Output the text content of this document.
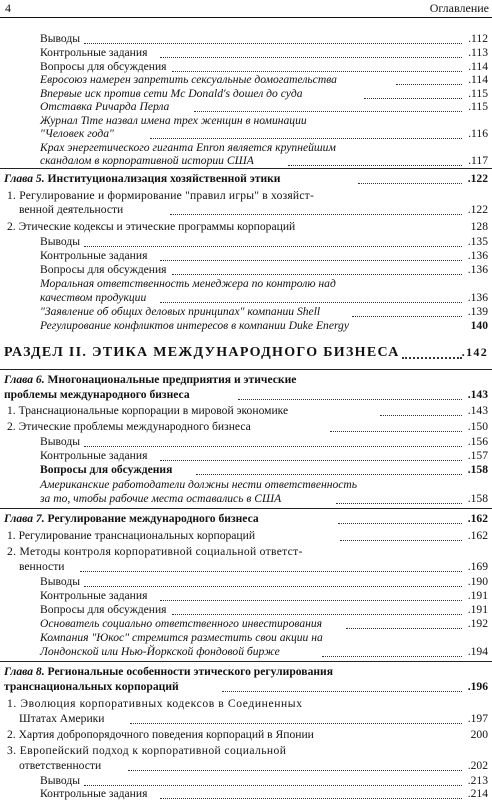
4	Оглавление
Выводы	.112
Контрольные задания	.113
Вопросы для обсуждения	.114
Евросоюз намерен запретить сексуальные домогательства	.114
Впервые иск против сети Mc Donald's дошел до суда	.115
Отставка Ричарда Перла	.115
Журнал Time назвал имена трех женщин в номинации
"Человек года"	.116
Крах энергетического гиганта Enron является крупнейшим
скандалом в корпоративной истории США	.117
Глава 5. Институционализация хозяйственной этики	.122
1. Регулирование и формирование "правил игры" в хозяйст-
венной деятельности	.122
2. Этические кодексы и этические программы корпораций	128
Выводы	.135
Контрольные задания	.136
Вопросы для обсуждения	.136
Моральная ответственность менеджера по контролю над
качеством продукции	.136
"Заявление об общих деловых принципах" компании Shell	.139
Регулирование конфликтов интересов в компании Duke Energy	140
РАЗДЕЛ II. ЭТИКА МЕЖДУНАРОДНОГО БИЗНЕСА	.142
Глава 6. Многонациональные предприятия и этические
проблемы международного бизнеса	.143
1. Транснациональные корпорации в мировой экономике	.143
2. Этические проблемы международного бизнеса	.150
Выводы	.156
Контрольные задания	.157
Вопросы для обсуждения	.158
Американские работодатели должны нести ответственность
за то, чтобы рабочие места оставались в США	.158
Глава 7. Регулирование международного бизнеса	.162
1. Регулирование транснациональных корпораций	.162
2. Методы контроля корпоративной социальной ответст-
венности	.169
Выводы	.190
Контрольные задания	.191
Вопросы для обсуждения	.191
Основатель социально ответственного инвестирования	.192
Компания "Юкос" стремится разместить свои акции на
Лондонской или Нью-Йоркской фондовой бирже	.194
Глава 8. Региональные особенности этического регулирования
транснациональных корпораций	.196
1. Эволюция корпоративных кодексов в Соединенных
Штатах Америки	.197
2. Хартия добропорядочного поведения корпораций в Японии	200
3. Европейский подход к корпоративной социальной
ответственности	.202
Выводы	.213
Контрольные задания	.214
